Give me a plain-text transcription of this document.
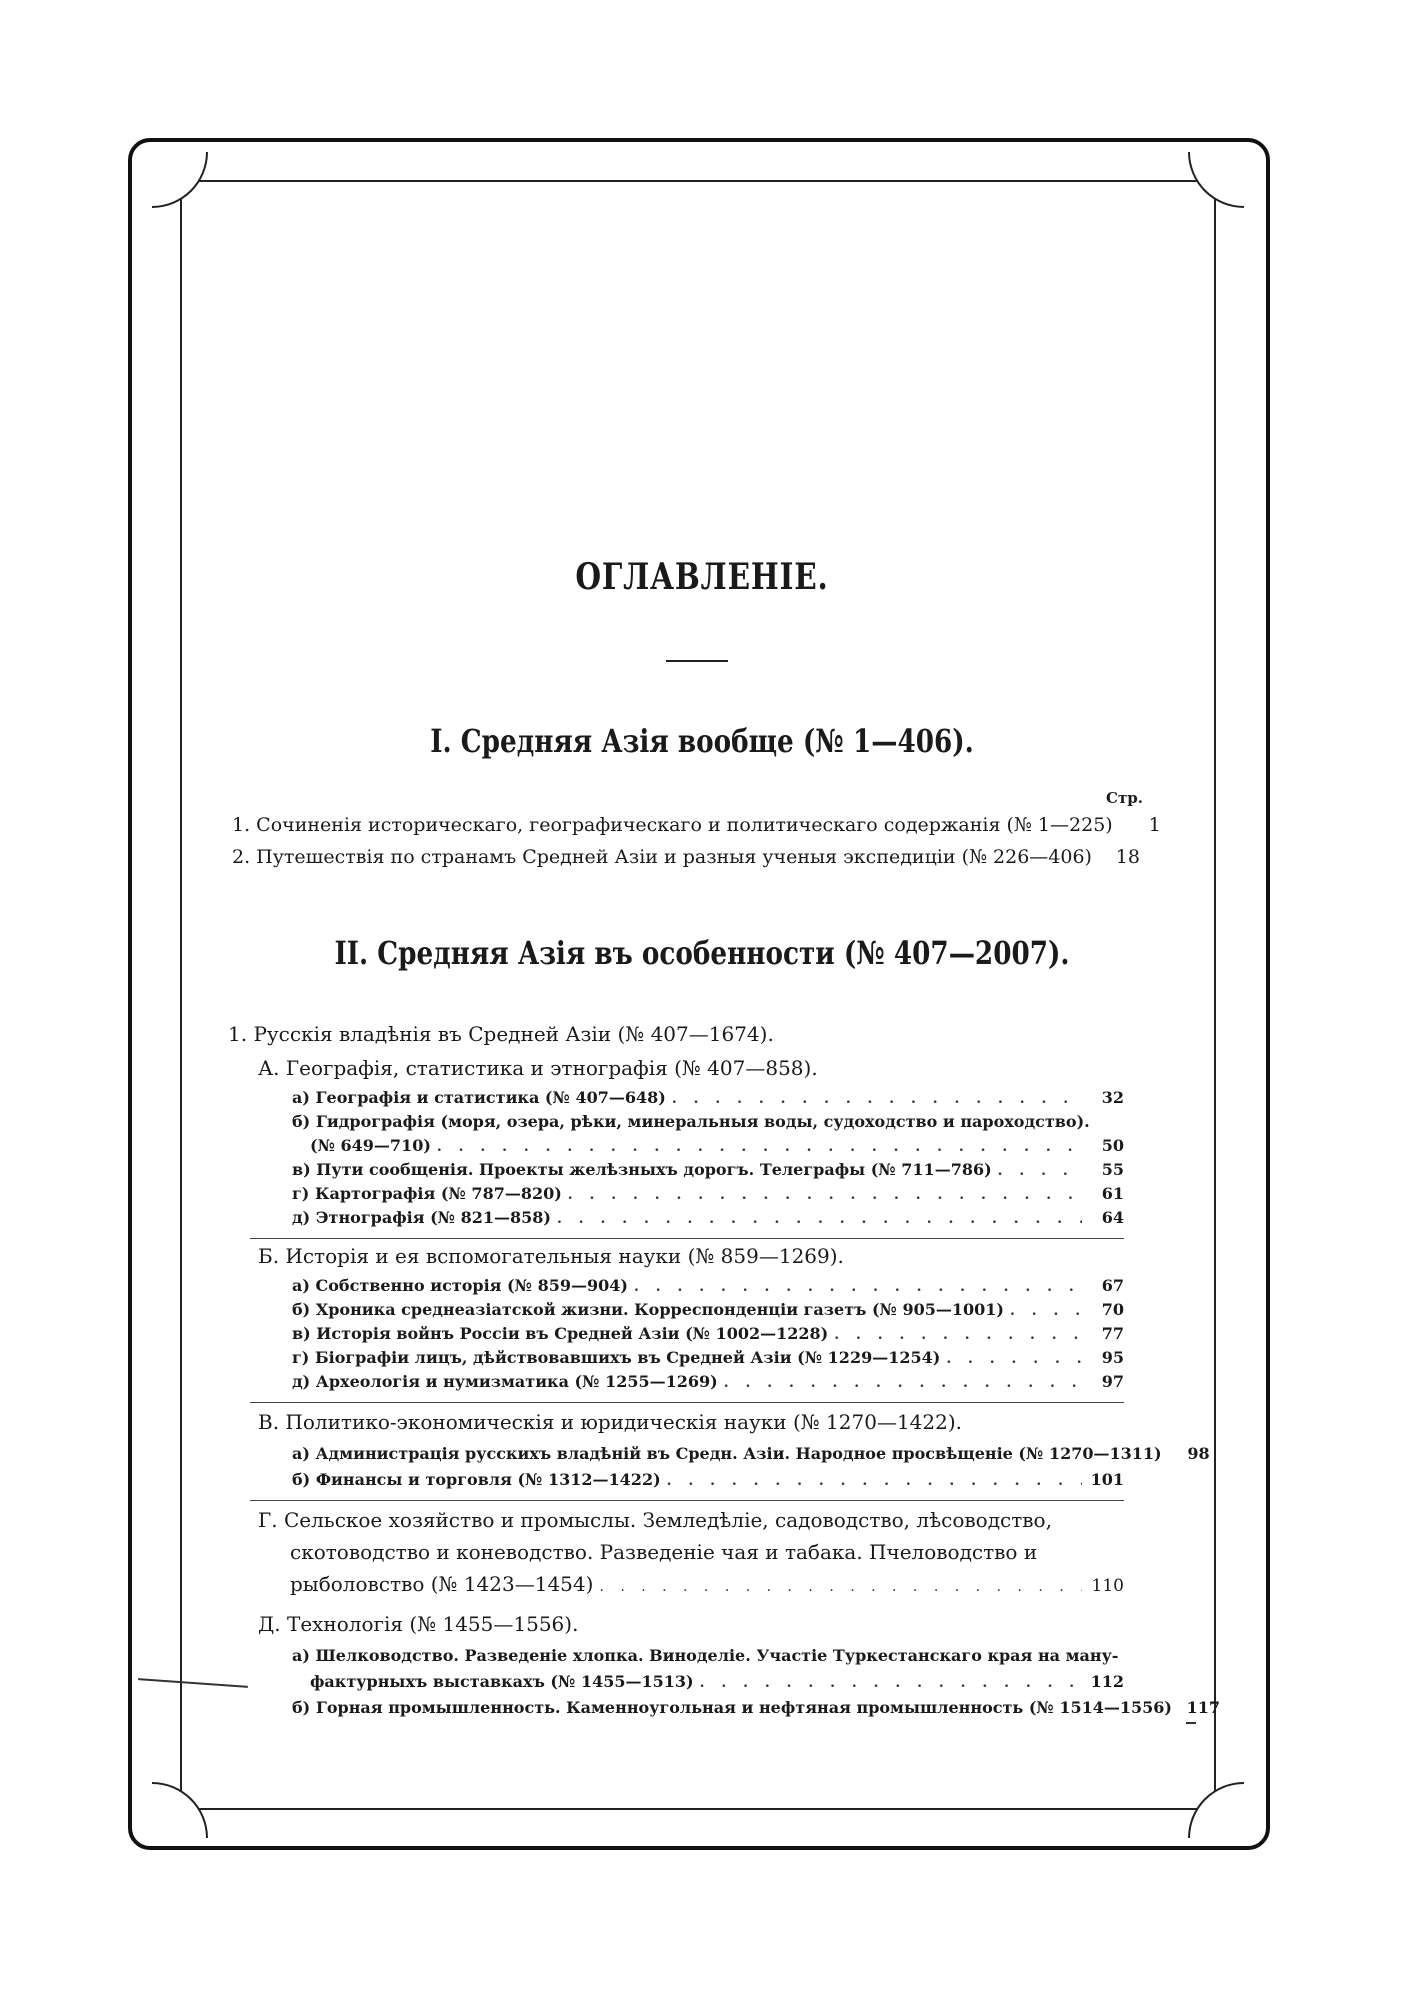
ОГЛАВЛЕНІЕ.
I. Средняя Азія вообще (№ 1—406).
Стр.
1. Сочиненія историческаго, географическаго и политическаго содержанія (№ 1—225)	1
2. Путешествія по странамъ Средней Азіи и разныя ученыя экспедиціи (№ 226—406)	18
II. Средняя Азія въ особенности (№ 407—2007).
1. Русскія владѣнія въ Средней Азіи (№ 407—1674).
А. Географія, статистика и этнографія (№ 407—858).
а) Географія и статистика (№ 407—648) . . .	32
б) Гидрографія (моря, озера, рѣки, минеральныя воды, судоходство и пароходство).
(№ 649—710) . . .	50
в) Пути сообщенія. Проекты желѣзныхъ дорогъ. Телеграфы (№ 711—786) . . .	55
г) Картографія (№ 787—820) . . .	61
д) Этнографія (№ 821—858) . . .	64
Б. Исторія и ея вспомогательныя науки (№ 859—1269).
а) Собственно исторія (№ 859—904) . . .	67
б) Хроника среднеазіатской жизни. Корреспонденціи газетъ (№ 905—1001) . . .	70
в) Исторія войнъ Россіи въ Средней Азіи (№ 1002—1228) . . .	77
г) Біографіи лицъ, дѣйствовавшихъ въ Средней Азіи (№ 1229—1254) . . .	95
д) Археологія и нумизматика (№ 1255—1269) . . .	97
В. Политико-экономическія и юридическія науки (№ 1270—1422).
а) Администрація русскихъ владѣній въ Средн. Азіи. Народное просвѣщеніе (№ 1270—1311)	98
б) Финансы и торговля (№ 1312—1422) . . .	101
Г. Сельское хозяйство и промыслы. Земледѣліе, садоводство, лѣсоводство,
скотоводство и коневодство. Разведеніе чая и табака. Пчеловодство и
рыболовство (№ 1423—1454) . . .	110
Д. Технологія (№ 1455—1556).
а) Шелководство. Разведеніе хлопка. Виноделіе. Участіе Туркестанскаго края на ману-
фактурныхъ выставкахъ (№ 1455—1513) . . .	112
б) Горная промышленность. Каменноугольная и нефтяная промышленность (№ 1514—1556) 117
